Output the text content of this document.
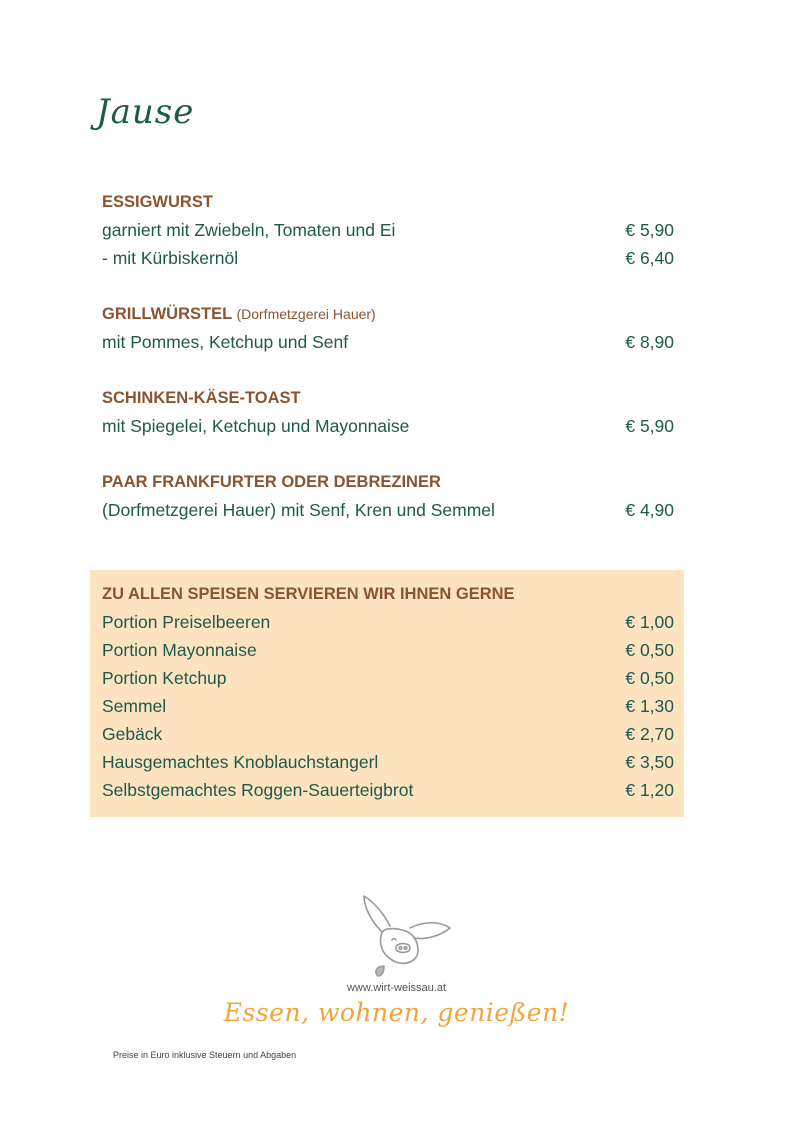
Jause
ESSIGWURST
garniert mit Zwiebeln, Tomaten und Ei	€ 5,90
- mit Kürbiskernöl	€ 6,40
GRILLWÜRSTEL (Dorfmetzgerei Hauer)
mit Pommes, Ketchup und Senf	€ 8,90
SCHINKEN-KÄSE-TOAST
mit Spiegelei, Ketchup und Mayonnaise	€ 5,90
PAAR FRANKFURTER ODER DEBREZINER
(Dorfmetzgerei Hauer) mit Senf, Kren und Semmel	€ 4,90
ZU ALLEN SPEISEN SERVIEREN WIR IHNEN GERNE
Portion Preiselbeeren	€ 1,00
Portion Mayonnaise	€ 0,50
Portion Ketchup	€ 0,50
Semmel	€ 1,30
Gebäck	€ 2,70
Hausgemachtes Knoblauchstangerl	€ 3,50
Selbstgemachtes Roggen-Sauerteigbrot	€ 1,20
www.wirt-weissau.at
Essen, wohnen, genießen!
Preise in Euro inklusive Steuern und Abgaben
